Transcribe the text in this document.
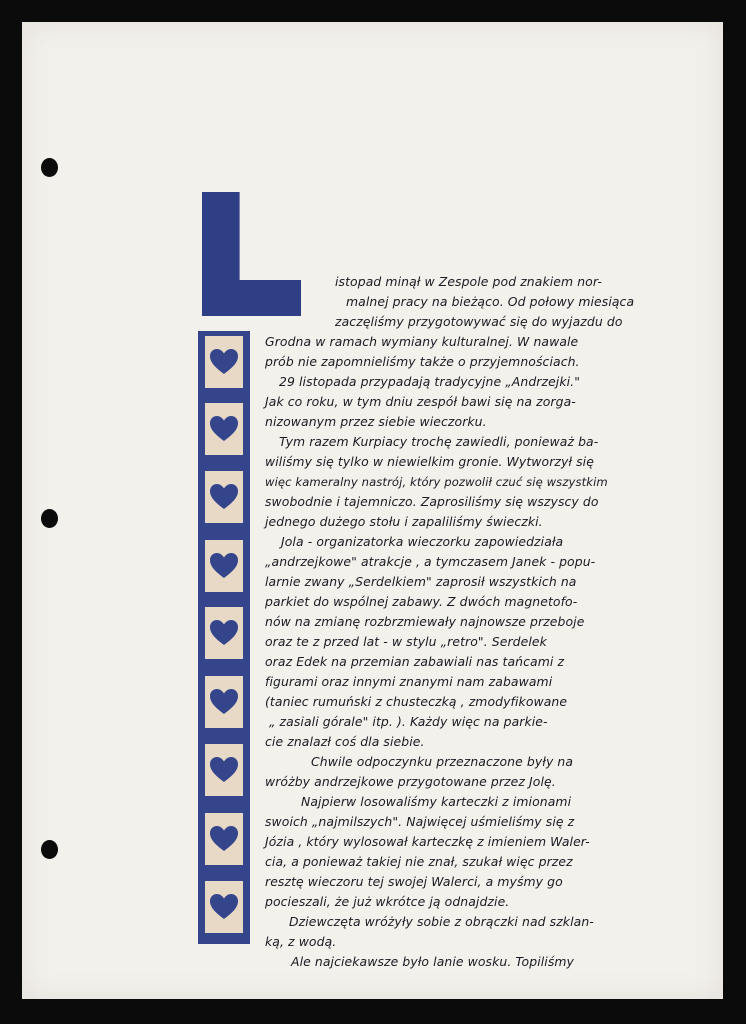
istopad minął w Zespole pod znakiem nor-
malnej pracy na bieżąco. Od połowy miesiąca
zaczęliśmy przygotowywać się do wyjazdu do
Grodna w ramach wymiany kulturalnej. W nawale
prób nie zapomnieliśmy także o przyjemnościach.
29 listopada przypadają tradycyjne „Andrzejki."
Jak co roku, w tym dniu zespół bawi się na zorga-
nizowanym przez siebie wieczorku.
Tym razem Kurpiacy trochę zawiedli, ponieważ ba-
wiliśmy się tylko w niewielkim gronie. Wytworzył się
więc kameralny nastrój, który pozwolił czuć się wszystkim
swobodnie i tajemniczo. Zaprosiliśmy się wszyscy do
jednego dużego stołu i zapaliliśmy świeczki.
Jola - organizatorka wieczorku zapowiedziała
„andrzejkowe" atrakcje , a tymczasem Janek - popu-
larnie zwany „Serdelkiem" zaprosił wszystkich na
parkiet do wspólnej zabawy. Z dwóch magnetofo-
nów na zmianę rozbrzmiewały najnowsze przeboje
oraz te z przed lat - w stylu „retro". Serdelek
oraz Edek na przemian zabawiali nas tańcami z
figurami oraz innymi znanymi nam zabawami
(taniec rumuński z chusteczką , zmodyfikowane
„ zasiali górale" itp. ). Każdy więc na parkie-
cie znalazł coś dla siebie.
Chwile odpoczynku przeznaczone były na
wróżby andrzejkowe przygotowane przez Jolę.
Najpierw losowaliśmy karteczki z imionami
swoich „najmilszych". Najwięcej uśmieliśmy się z
Józia , który wylosował karteczkę z imieniem Waler-
cia, a ponieważ takiej nie znał, szukał więc przez
resztę wieczoru tej swojej Walerci, a myśmy go
pocieszali, że już wkrótce ją odnajdzie.
Dziewczęta wróżyły sobie z obrączki nad szklan-
ką, z wodą.
Ale najciekawsze było lanie wosku. Topiliśmy
